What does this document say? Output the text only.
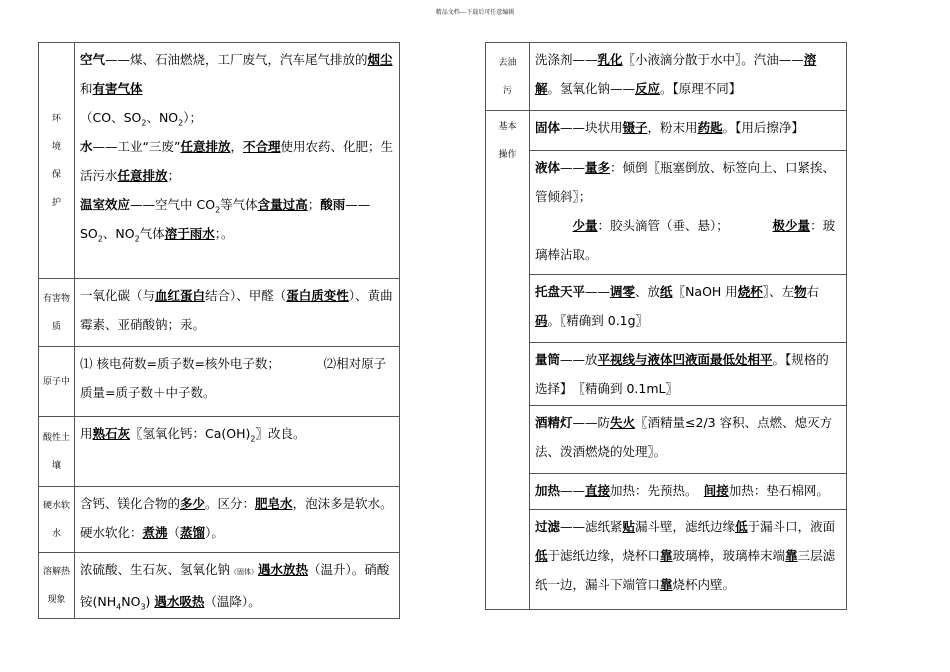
精品文档---下载后可任意编辑
环
境
保
护	空气——煤、石油燃烧，工厂废气，汽车尾气排放的烟尘和有害气体
（CO、$SO_2$、$NO_2$）；
水——工业“三废”任意排放，不合理使用农药、化肥；生活污水任意排放；
温室效应——空气中 $CO_2$等气体含量过高；酸雨$——SO_2$、$NO_2$气体溶于雨水；。
有害物
质	一氧化碳（与血红蛋白结合）、甲醛（蛋白质变性）、黄曲霉素、亚硝酸钠；汞。
原子中	⑴ 核电荷数=质子数=核外电子数；　　　　⑵相对原子质量=质子数＋中子数。
酸性土
壤	用熟石灰〖氢氧化钙：$Ca(OH)_2$〗改良。
硬水软
水	含钙、镁化合物的多少。区分：肥皂水，泡沫多是软水。硬水软化：煮沸（蒸馏）。
溶解热
现象	浓硫酸、生石灰、氢氧化钠（固体）遇水放热（温升）。硝酸铵$(NH_4NO_3)$ 遇水吸热（温降）。
去油
污	洗涤剂——乳化〖小液滴分散于水中〗。汽油——溶解。氢氧化钠——反应。【原理不同】
基本
操作	固体——块状用镊子，粉末用药匙。【用后擦净】
	液体——量多：倾倒〖瓶塞倒放、标签向上、口紧挨、管倾斜〗；
　　　少量：胶头滴管（垂、悬）；　　　　极少量：玻璃棒沾取。
	托盘天平——调零、放纸〖NaOH 用烧杯〗、左物右码。〖精确到 0.1g〗
	量筒——放平视线与液体凹液面最低处相平。【规格的选择】　〖精确到 0.1mL〗
	酒精灯——防失火〖酒精量≤2/3 容积、点燃、熄灭方法、泼酒燃烧的处理〗。
	加热——直接加热：先预热。　间接加热：垫石棉网。
	过滤——滤纸紧贴漏斗壁，滤纸边缘低于漏斗口，液面低于滤纸边缘，烧杯口靠玻璃棒，玻璃棒末端靠三层滤纸一边，漏斗下端管口靠烧杯内壁。
